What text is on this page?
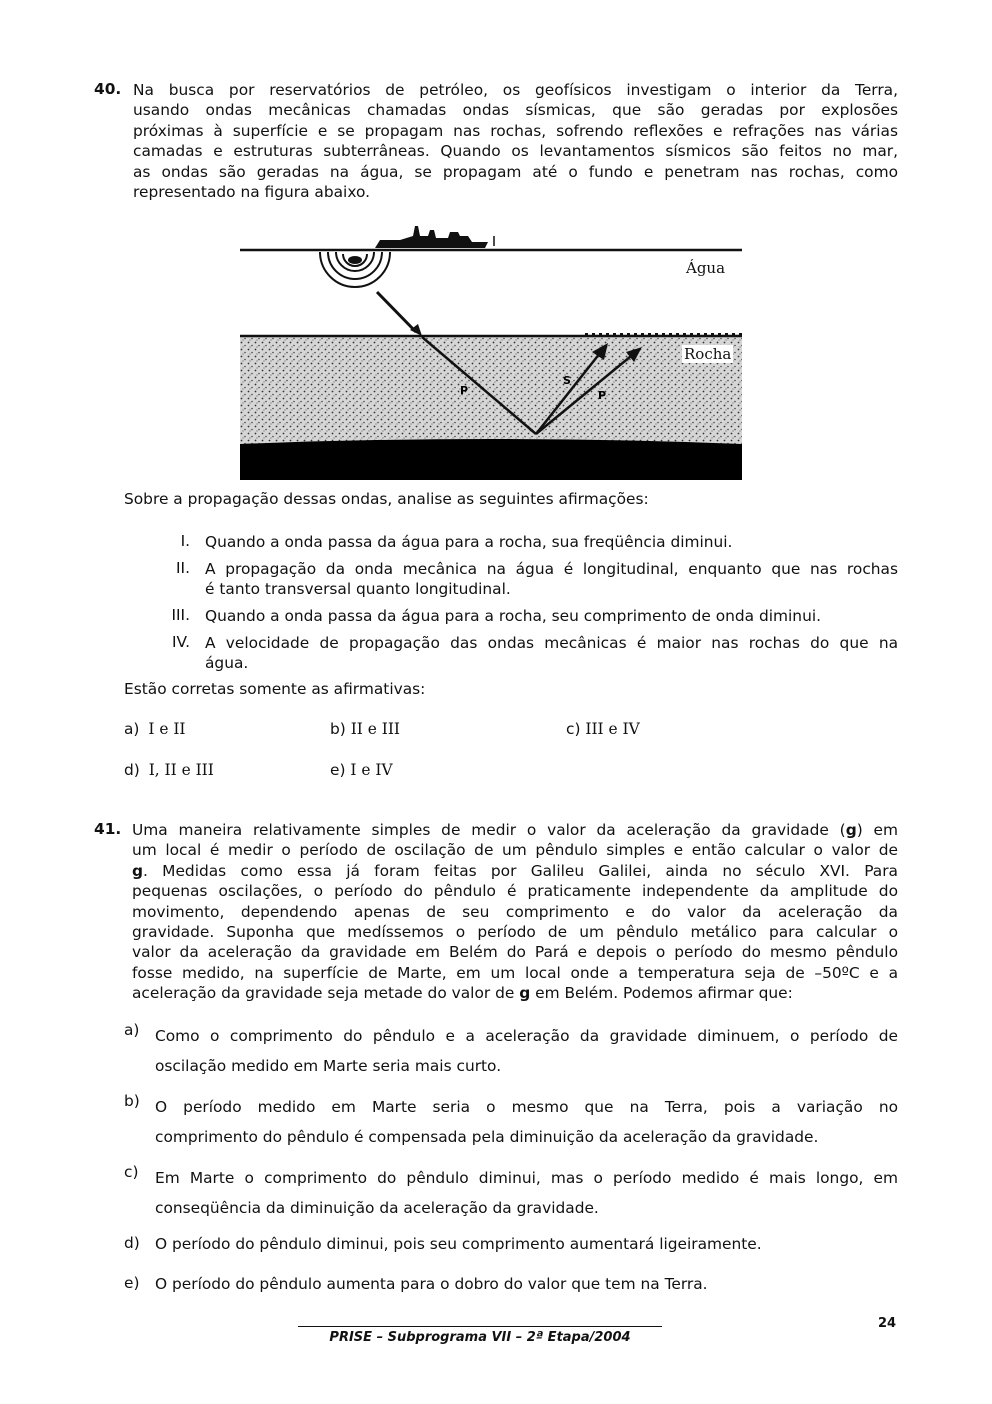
40. Na busca por reservatórios de petróleo, os geofísicos investigam o interior da Terra,
usando ondas mecânicas chamadas ondas sísmicas, que são geradas por explosões
próximas à superfície e se propagam nas rochas, sofrendo reflexões e refrações nas várias
camadas e estruturas subterrâneas. Quando os levantamentos sísmicos são feitos no mar,
as ondas são geradas na água, se propagam até o fundo e penetram nas rochas, como
representado na figura abaixo.
P
S
P
Água
Rocha
Sobre a propagação dessas ondas, analise as seguintes afirmações:
I. Quando a onda passa da água para a rocha, sua freqüência diminui.
II. A propagação da onda mecânica na água é longitudinal, enquanto que nas rochas
é tanto transversal quanto longitudinal.
III. Quando a onda passa da água para a rocha, seu comprimento de onda diminui.
IV. A velocidade de propagação das ondas mecânicas é maior nas rochas do que na
água.
Estão corretas somente as afirmativas:
a) I e II	b) II e III	c) III e IV
d) I, II e III	e) I e IV
41. Uma maneira relativamente simples de medir o valor da aceleração da gravidade (g) em
um local é medir o período de oscilação de um pêndulo simples e então calcular o valor de
g. Medidas como essa já foram feitas por Galileu Galilei, ainda no século XVI. Para
pequenas oscilações, o período do pêndulo é praticamente independente da amplitude do
movimento, dependendo apenas de seu comprimento e do valor da aceleração da
gravidade. Suponha que medíssemos o período de um pêndulo metálico para calcular o
valor da aceleração da gravidade em Belém do Pará e depois o período do mesmo pêndulo
fosse medido, na superfície de Marte, em um local onde a temperatura seja de –50ºC e a
aceleração da gravidade seja metade do valor de g em Belém. Podemos afirmar que:
a) Como o comprimento do pêndulo e a aceleração da gravidade diminuem, o período de
oscilação medido em Marte seria mais curto.
b) O período medido em Marte seria o mesmo que na Terra, pois a variação no
comprimento do pêndulo é compensada pela diminuição da aceleração da gravidade.
c) Em Marte o comprimento do pêndulo diminui, mas o período medido é mais longo, em
conseqüência da diminuição da aceleração da gravidade.
d) O período do pêndulo diminui, pois seu comprimento aumentará ligeiramente.
e) O período do pêndulo aumenta para o dobro do valor que tem na Terra.
24
PRISE – Subprograma VII – 2ª Etapa/2004
